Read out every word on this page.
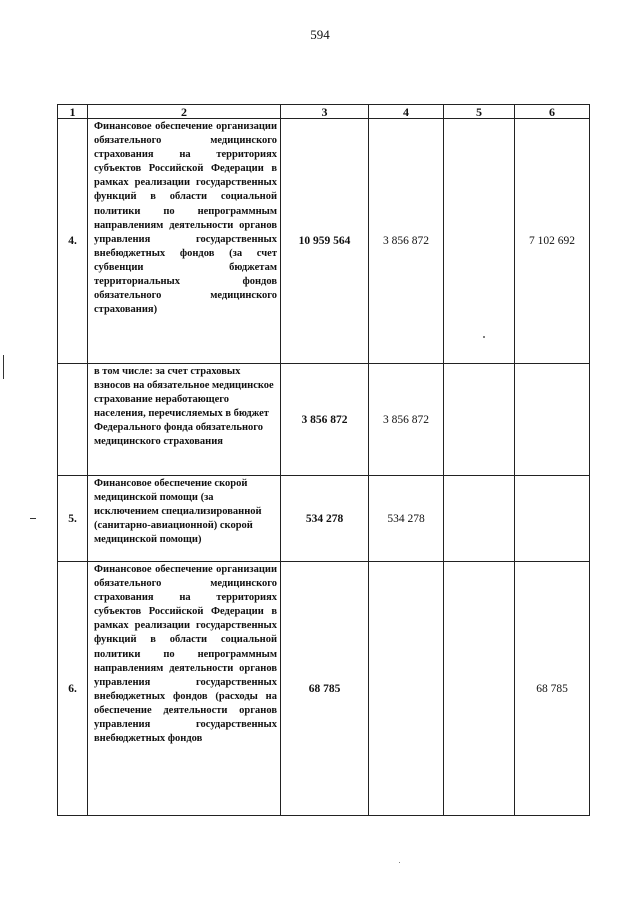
594
1	2	3	4	5	6
4.	Финансовое обеспечение организации обязательного медицинского страхования на территориях субъектов Российской Федерации в рамках реализации государственных функций в области социальной политики по непрограммным направлениям деятельности органов управления государственных внебюджетных фондов (за счет субвенции бюджетам территориальных фондов обязательного медицинского страхования)	10 959 564	3 856 872		7 102 692
	в том числе: за счет страховых взносов на обязательное медицинское страхование неработающего населения, перечисляемых в бюджет Федерального фонда обязательного медицинского страхования	3 856 872	3 856 872		
5.	Финансовое обеспечение скорой медицинской помощи (за исключением специализированной (санитарно-авиационной) скорой медицинской помощи)	534 278	534 278		
6.	Финансовое обеспечение организации обязательного медицинского страхования на территориях субъектов Российской Федерации в рамках реализации государственных функций в области социальной политики по непрограммным направлениям деятельности органов управления государственных внебюджетных фондов (расходы на обеспечение деятельности органов управления государственных внебюджетных фондов	68 785			68 785
